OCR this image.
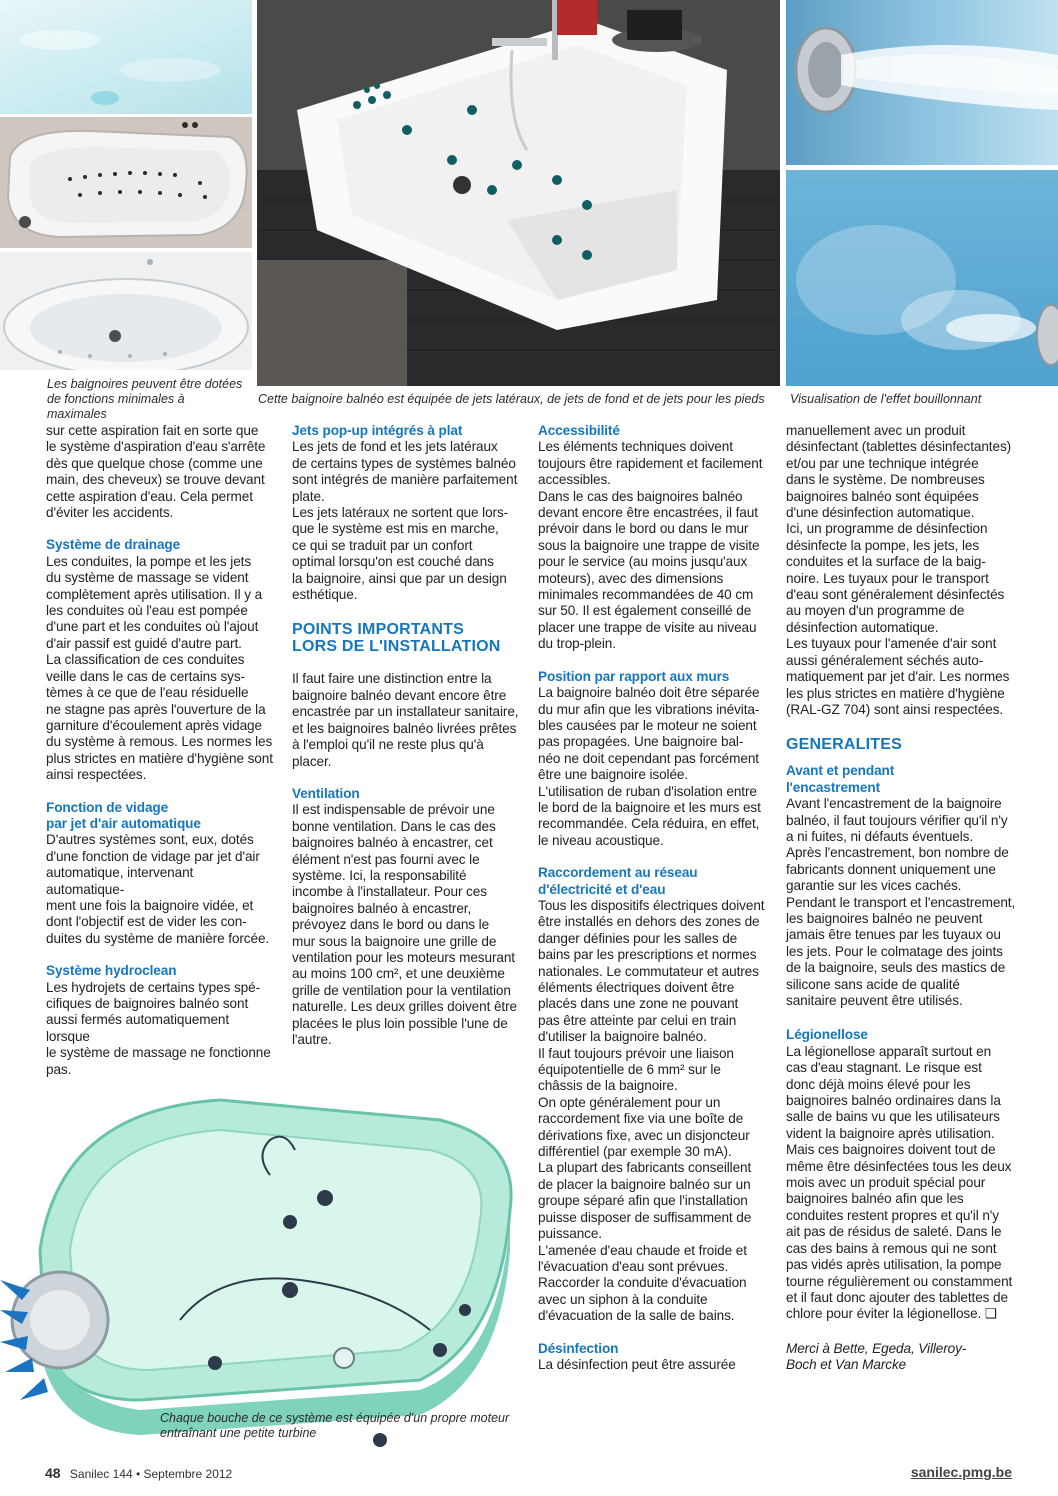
Les baignoires peuvent être dotées
de fonctions minimales à maximales
Cette baignoire balnéo est équipée de jets latéraux, de jets de fond et de jets pour les pieds	Visualisation de l'effet bouillonnant

sur cette aspiration fait en sorte que
le système d'aspiration d'eau s'arrête
dès que quelque chose (comme une
main, des cheveux) se trouve devant
cette aspiration d'eau. Cela permet
d'éviter les accidents.

Système de drainage

Les conduites, la pompe et les jets
du système de massage se vident
complètement après utilisation. Il y a
les conduites où l'eau est pompée
d'une part et les conduites où l'ajout
d'air passif est guidé d'autre part.
La classification de ces conduites
veille dans le cas de certains sys-
tèmes à ce que de l'eau résiduelle
ne stagne pas après l'ouverture de la
garniture d'écoulement après vidage
du système à remous. Les normes les
plus strictes en matière d'hygiène sont
ainsi respectées.

Fonction de vidage
par jet d'air automatique

D'autres systèmes sont, eux, dotés
d'une fonction de vidage par jet d'air
automatique, intervenant automatique-
ment une fois la baignoire vidée, et
dont l'objectif est de vider les con-
duites du système de manière forcée.

Système hydroclean

Les hydrojets de certains types spé-
cifiques de baignoires balnéo sont
aussi fermés automatiquement lorsque
le système de massage ne fonctionne
pas.

Jets pop-up intégrés à plat

Les jets de fond et les jets latéraux
de certains types de systèmes balnéo
sont intégrés de manière parfaitement
plate.
Les jets latéraux ne sortent que lors-
que le système est mis en marche,
ce qui se traduit par un confort
optimal lorsqu'on est couché dans
la baignoire, ainsi que par un design
esthétique.

POINTS IMPORTANTS
LORS DE L'INSTALLATION

Il faut faire une distinction entre la
baignoire balnéo devant encore être
encastrée par un installateur sanitaire,
et les baignoires balnéo livrées prêtes
à l'emploi qu'il ne reste plus qu'à
placer.

Ventilation

Il est indispensable de prévoir une
bonne ventilation. Dans le cas des
baignoires balnéo à encastrer, cet
élément n'est pas fourni avec le
système. Ici, la responsabilité
incombe à l'installateur. Pour ces
baignoires balnéo à encastrer,
prévoyez dans le bord ou dans le
mur sous la baignoire une grille de
ventilation pour les moteurs mesurant
au moins 100 cm², et une deuxième
grille de ventilation pour la ventilation
naturelle. Les deux grilles doivent être
placées le plus loin possible l'une de
l'autre.

Accessibilité

Les éléments techniques doivent
toujours être rapidement et facilement
accessibles.
Dans le cas des baignoires balnéo
devant encore être encastrées, il faut
prévoir dans le bord ou dans le mur
sous la baignoire une trappe de visite
pour le service (au moins jusqu'aux
moteurs), avec des dimensions
minimales recommandées de 40 cm
sur 50. Il est également conseillé de
placer une trappe de visite au niveau
du trop-plein.

Position par rapport aux murs

La baignoire balnéo doit être séparée
du mur afin que les vibrations inévita-
bles causées par le moteur ne soient
pas propagées. Une baignoire bal-
néo ne doit cependant pas forcément
être une baignoire isolée.
L'utilisation de ruban d'isolation entre
le bord de la baignoire et les murs est
recommandée. Cela réduira, en effet,
le niveau acoustique.

Raccordement au réseau
d'électricité et d'eau

Tous les dispositifs électriques doivent
être installés en dehors des zones de
danger définies pour les salles de
bains par les prescriptions et normes
nationales. Le commutateur et autres
éléments électriques doivent être
placés dans une zone ne pouvant
pas être atteinte par celui en train
d'utiliser la baignoire balnéo.
Il faut toujours prévoir une liaison
équipotentielle de 6 mm² sur le
châssis de la baignoire.
On opte généralement pour un
raccordement fixe via une boîte de
dérivations fixe, avec un disjoncteur
différentiel (par exemple 30 mA).
La plupart des fabricants conseillent
de placer la baignoire balnéo sur un
groupe séparé afin que l'installation
puisse disposer de suffisamment de
puissance.
L'amenée d'eau chaude et froide et
l'évacuation d'eau sont prévues.
Raccorder la conduite d'évacuation
avec un siphon à la conduite
d'évacuation de la salle de bains.

Désinfection

La désinfection peut être assurée

manuellement avec un produit
désinfectant (tablettes désinfectantes)
et/ou par une technique intégrée
dans le système. De nombreuses
baignoires balnéo sont équipées
d'une désinfection automatique.
Ici, un programme de désinfection
désinfecte la pompe, les jets, les
conduites et la surface de la baig-
noire. Les tuyaux pour le transport
d'eau sont généralement désinfectés
au moyen d'un programme de
désinfection automatique.
Les tuyaux pour l'amenée d'air sont
aussi généralement séchés auto-
matiquement par jet d'air. Les normes
les plus strictes en matière d'hygiène
(RAL-GZ 704) sont ainsi respectées.

GENERALITES
Avant et pendant
l'encastrement

Avant l'encastrement de la baignoire
balnéo, il faut toujours vérifier qu'il n'y
a ni fuites, ni défauts éventuels.
Après l'encastrement, bon nombre de
fabricants donnent uniquement une
garantie sur les vices cachés.
Pendant le transport et l'encastrement,
les baignoires balnéo ne peuvent
jamais être tenues par les tuyaux ou
les jets. Pour le colmatage des joints
de la baignoire, seuls des mastics de
silicone sans acide de qualité
sanitaire peuvent être utilisés.

Légionellose

La légionellose apparaît surtout en
cas d'eau stagnant. Le risque est
donc déjà moins élevé pour les
baignoires balnéo ordinaires dans la
salle de bains vu que les utilisateurs
vident la baignoire après utilisation.
Mais ces baignoires doivent tout de
même être désinfectées tous les deux
mois avec un produit spécial pour
baignoires balnéo afin que les
conduites restent propres et qu'il n'y
ait pas de résidus de saleté. Dans le
cas des bains à remous qui ne sont
pas vidés après utilisation, la pompe
tourne régulièrement ou constamment
et il faut donc ajouter des tablettes de
chlore pour éviter la légionellose. ❑

Merci à Bette, Egeda, Villeroy-
Boch et Van Marcke

Chaque bouche de ce système est équipée d'un propre moteur
entraînant une petite turbine
48 Sanilec 144 • Septembre 2012	sanilec.pmg.be
